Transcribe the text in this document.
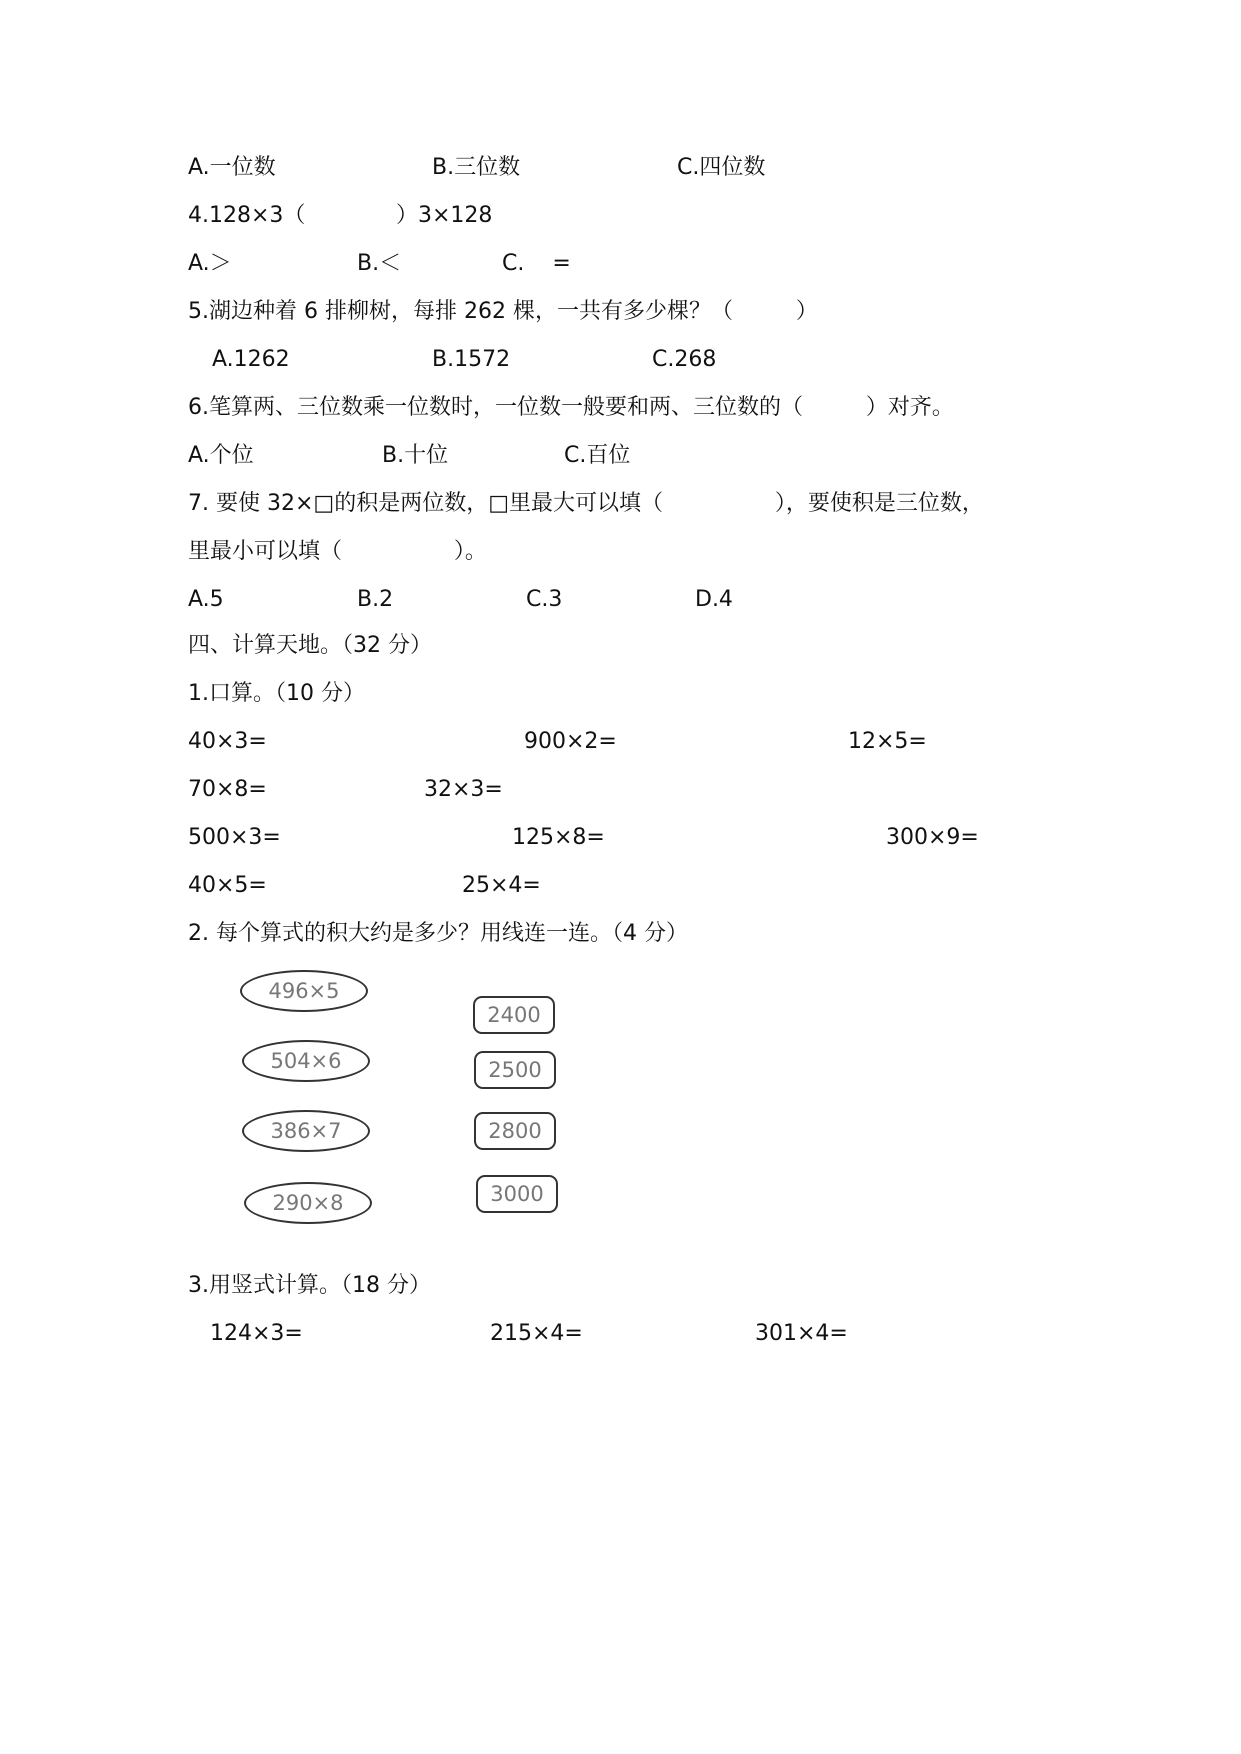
A.一位数	B.三位数	C.四位数
4.128×3（	）3×128
A.＞	B.＜	C.    =
5.湖边种着 6 排柳树，每排 262 棵，一共有多少棵？（         ）
A.1262	B.1572	C.268
6.笔算两、三位数乘一位数时，一位数一般要和两、三位数的（         ）对齐。
A.个位	B.十位	C.百位
7. 要使 32×□的积是两位数，□里最大可以填（                ），要使积是三位数，
里最小可以填（                ）。
A.5	B.2	C.3	D.4
四、计算天地。（32 分）
1.口算。（10 分）
40×3=	900×2=	12×5=
70×8=	32×3=
500×3=	125×8=	300×9=
40×5=	25×4=
2. 每个算式的积大约是多少？用线连一连。（4 分）
496×5
504×6
386×7
290×8
2400
2500
2800
3000
3.用竖式计算。（18 分）
124×3=	215×4=	301×4=
